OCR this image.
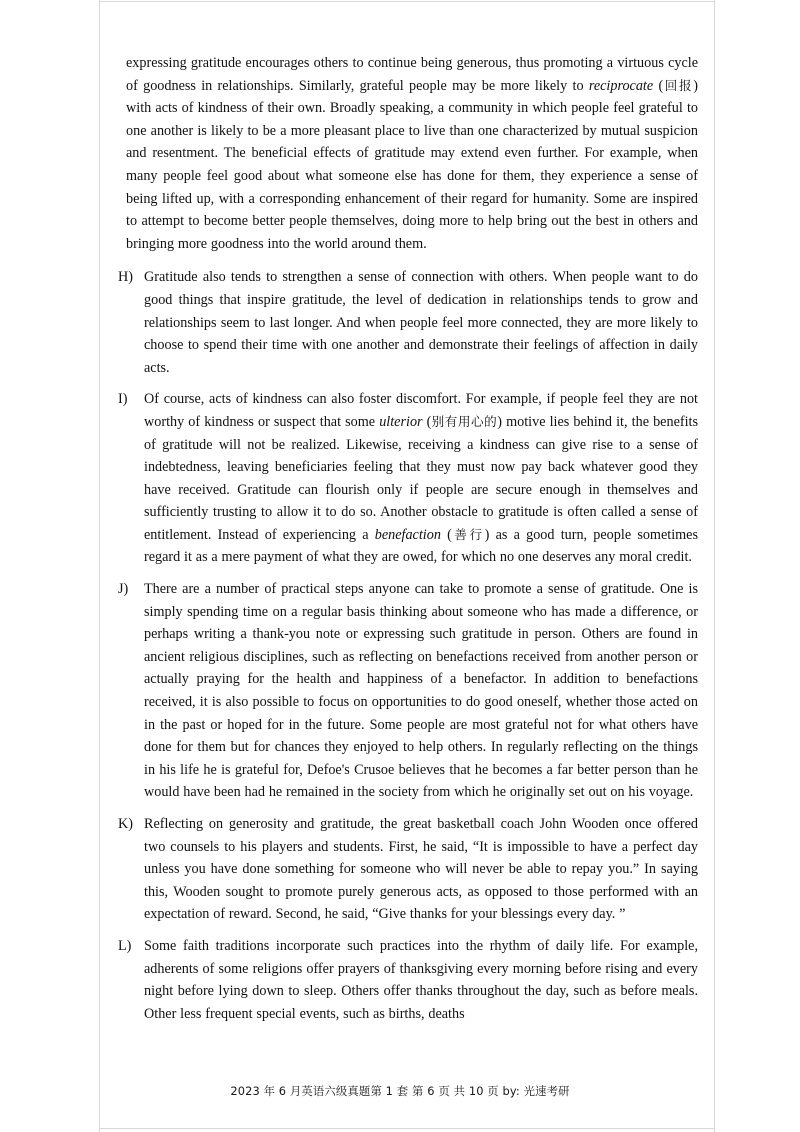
expressing gratitude encourages others to continue being generous, thus promoting a virtuous cycle of goodness in relationships. Similarly, grateful people may be more likely to reciprocate (回报) with acts of kindness of their own. Broadly speaking, a community in which people feel grateful to one another is likely to be a more pleasant place to live than one characterized by mutual suspicion and resentment. The beneficial effects of gratitude may extend even further. For example, when many people feel good about what someone else has done for them, they experience a sense of being lifted up, with a corresponding enhancement of their regard for humanity. Some are inspired to attempt to become better people themselves, doing more to help bring out the best in others and bringing more goodness into the world around them.
H) Gratitude also tends to strengthen a sense of connection with others. When people want to do good things that inspire gratitude, the level of dedication in relationships tends to grow and relationships seem to last longer. And when people feel more connected, they are more likely to choose to spend their time with one another and demonstrate their feelings of affection in daily acts.
I)	Of course, acts of kindness can also foster discomfort. For example, if people feel they are not worthy of kindness or suspect that some ulterior (别有用心的) motive lies behind it, the benefits of gratitude will not be realized. Likewise, receiving a kindness can give rise to a sense of indebtedness, leaving beneficiaries feeling that they must now pay back whatever good they have received. Gratitude can flourish only if people are secure enough in themselves and sufficiently trusting to allow it to do so. Another obstacle to gratitude is often called a sense of entitlement. Instead of experiencing a benefaction (善行) as a good turn, people sometimes regard it as a mere payment of what they are owed, for which no one deserves any moral credit.
J)	There are a number of practical steps anyone can take to promote a sense of gratitude. One is simply spending time on a regular basis thinking about someone who has made a difference, or perhaps writing a thank-you note or expressing such gratitude in person. Others are found in ancient religious disciplines, such as reflecting on benefactions received from another person or actually praying for the health and happiness of a benefactor. In addition to benefactions received, it is also possible to focus on opportunities to do good oneself, whether those acted on in the past or hoped for in the future. Some people are most grateful not for what others have done for them but for chances they enjoyed to help others. In regularly reflecting on the things in his life he is grateful for, Defoe's Crusoe believes that he becomes a far better person than he would have been had he remained in the society from which he originally set out on his voyage.
K) Reflecting on generosity and gratitude, the great basketball coach John Wooden once offered two counsels to his players and students. First, he said, “It is impossible to have a perfect day unless you have done something for someone who will never be able to repay you.” In saying this, Wooden sought to promote purely generous acts, as opposed to those performed with an expectation of reward. Second, he said, “Give thanks for your blessings every day. ”
L) Some faith traditions incorporate such practices into the rhythm of daily life. For example, adherents of some religions offer prayers of thanksgiving every morning before rising and every night before lying down to sleep. Others offer thanks throughout the day, such as before meals. Other less frequent special events, such as births, deaths
2023 年 6 月英语六级真题第 1 套 第 6 页 共 10 页 by: 光速考研
